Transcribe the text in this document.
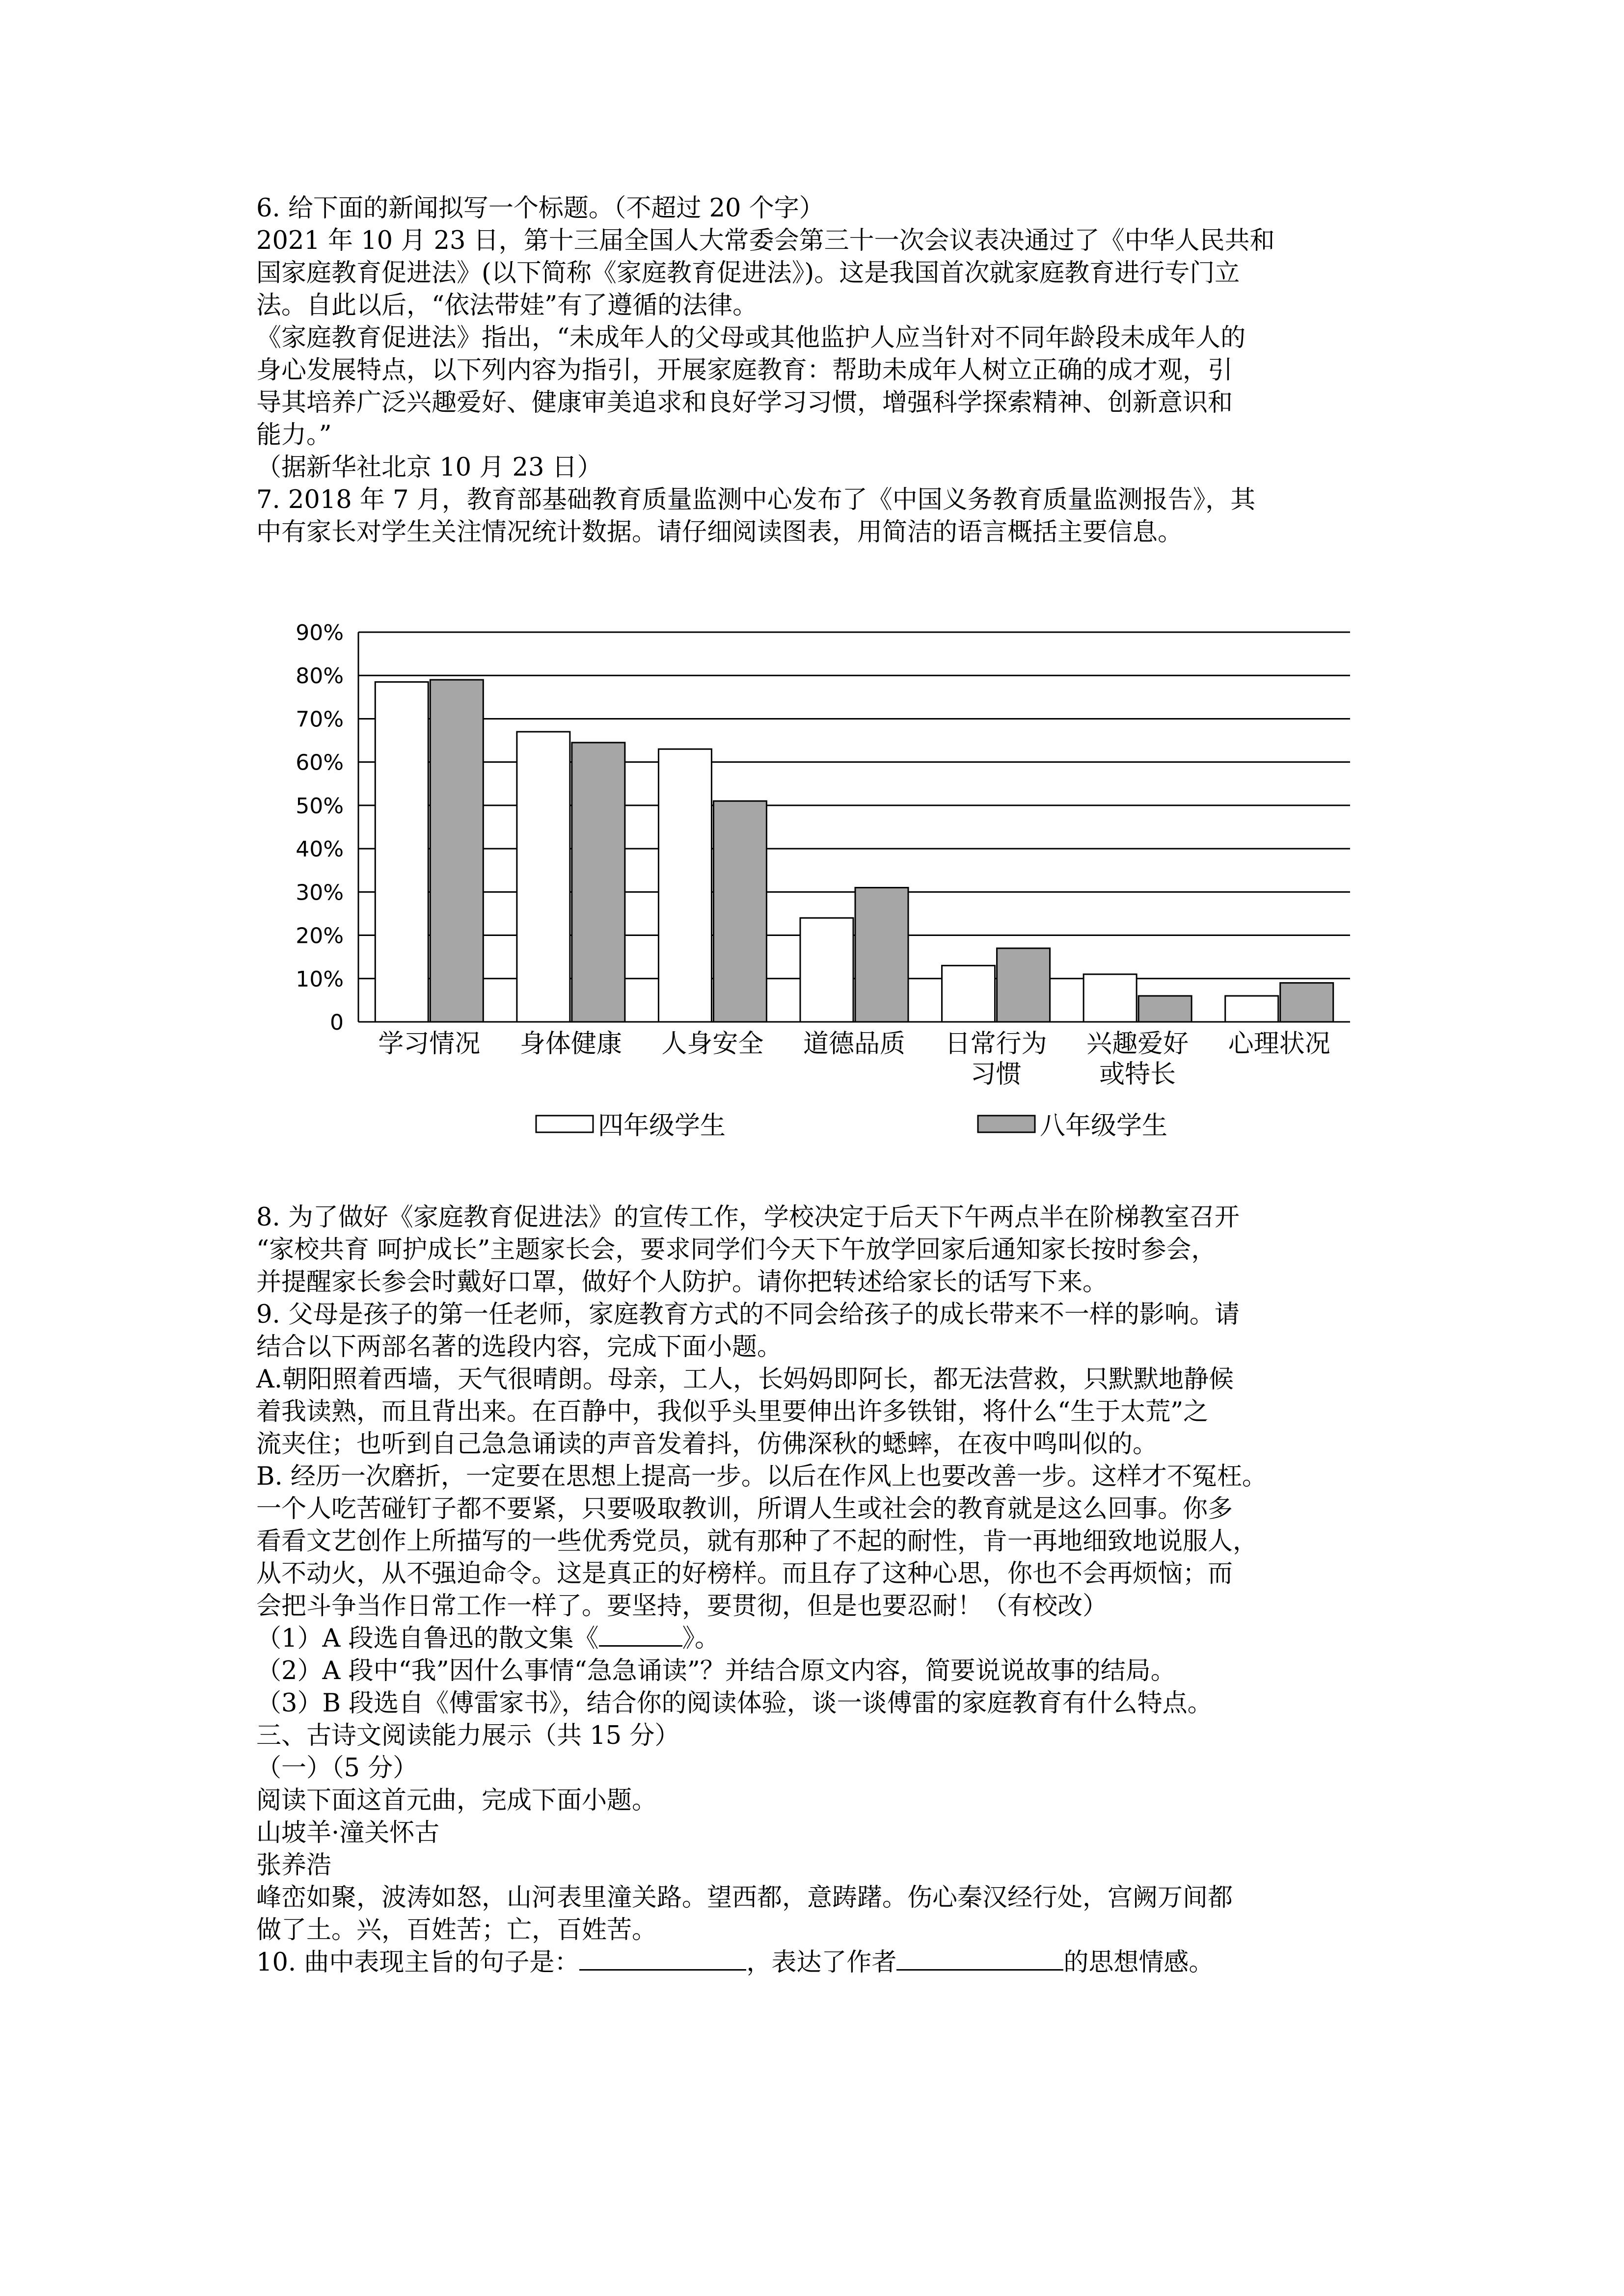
6. 给下面的新闻拟写一个标题。（不超过 20 个字）
2021 年 10 月 23 日，第十三届全国人大常委会第三十一次会议表决通过了《中华人民共和
国家庭教育促进法》(以下简称《家庭教育促进法》)。这是我国首次就家庭教育进行专门立
法。自此以后，“依法带娃”有了遵循的法律。
《家庭教育促进法》指出，“未成年人的父母或其他监护人应当针对不同年龄段未成年人的
身心发展特点，以下列内容为指引，开展家庭教育：帮助未成年人树立正确的成才观，引
导其培养广泛兴趣爱好、健康审美追求和良好学习习惯，增强科学探索精神、创新意识和
能力。”
（据新华社北京 10 月 23 日）
7. 2018 年 7 月，教育部基础教育质量监测中心发布了《中国义务教育质量监测报告》，其
中有家长对学生关注情况统计数据。请仔细阅读图表，用简洁的语言概括主要信息。
90%
80%
70%
60%
50%
40%
30%
20%
10%
0
学习情况 身体健康 人身安全 道德品质 日常行为
习惯
兴趣爱好
或特长
心理状况
四年级学生	八年级学生
8. 为了做好《家庭教育促进法》的宣传工作，学校决定于后天下午两点半在阶梯教室召开
“家校共育 呵护成长”主题家长会，要求同学们今天下午放学回家后通知家长按时参会，
并提醒家长参会时戴好口罩，做好个人防护。请你把转述给家长的话写下来。
9. 父母是孩子的第一任老师，家庭教育方式的不同会给孩子的成长带来不一样的影响。请
结合以下两部名著的选段内容，完成下面小题。
A.朝阳照着西墙，天气很晴朗。母亲，工人，长妈妈即阿长，都无法营救，只默默地静候
着我读熟，而且背出来。在百静中，我似乎头里要伸出许多铁钳，将什么“生于太荒”之
流夹住；也听到自己急急诵读的声音发着抖，仿佛深秋的蟋蟀，在夜中鸣叫似的。
B. 经历一次磨折，一定要在思想上提高一步。以后在作风上也要改善一步。这样才不冤枉。
一个人吃苦碰钉子都不要紧，只要吸取教训，所谓人生或社会的教育就是这么回事。你多
看看文艺创作上所描写的一些优秀党员，就有那种了不起的耐性，肯一再地细致地说服人，
从不动火，从不强迫命令。这是真正的好榜样。而且存了这种心思，你也不会再烦恼；而
会把斗争当作日常工作一样了。要坚持，要贯彻，但是也要忍耐！（有校改）
（1）A 段选自鲁迅的散文集《	》。
（2）A 段中“我”因什么事情“急急诵读”？并结合原文内容，简要说说故事的结局。
（3）B 段选自《傅雷家书》，结合你的阅读体验，谈一谈傅雷的家庭教育有什么特点。
三、古诗文阅读能力展示（共 15 分）
（一）（5 分）
阅读下面这首元曲，完成下面小题。
山坡羊·潼关怀古
张养浩
峰峦如聚，波涛如怒，山河表里潼关路。望西都，意踌躇。伤心秦汉经行处，宫阙万间都
做了土。兴，百姓苦；亡，百姓苦。
10. 曲中表现主旨的句子是：	，表达了作者	的思想情感。
